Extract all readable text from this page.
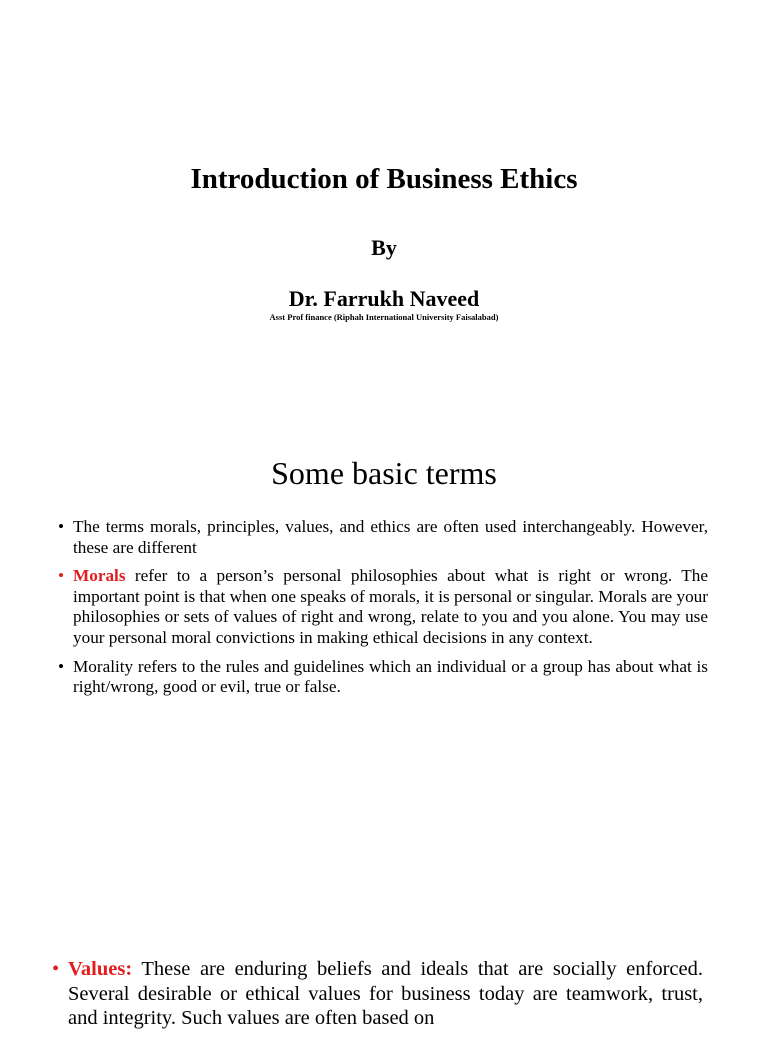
Introduction of Business Ethics
By
Dr. Farrukh Naveed
Asst Prof finance (Riphah International University Faisalabad)
Some basic terms
• The terms morals, principles, values, and ethics are often used interchangeably. However, these are different
• Morals refer to a person’s personal philosophies about what is right or wrong. The important point is that when one speaks of morals, it is personal or singular. Morals are your philosophies or sets of values of right and wrong, relate to you and you alone. You may use your personal moral convictions in making ethical decisions in any context.
• Morality refers to the rules and guidelines which an individual or a group has about what is right/wrong, good or evil, true or false.
• Values: These are enduring beliefs and ideals that are socially enforced. Several desirable or ethical values for business today are teamwork, trust, and integrity. Such values are often based on
